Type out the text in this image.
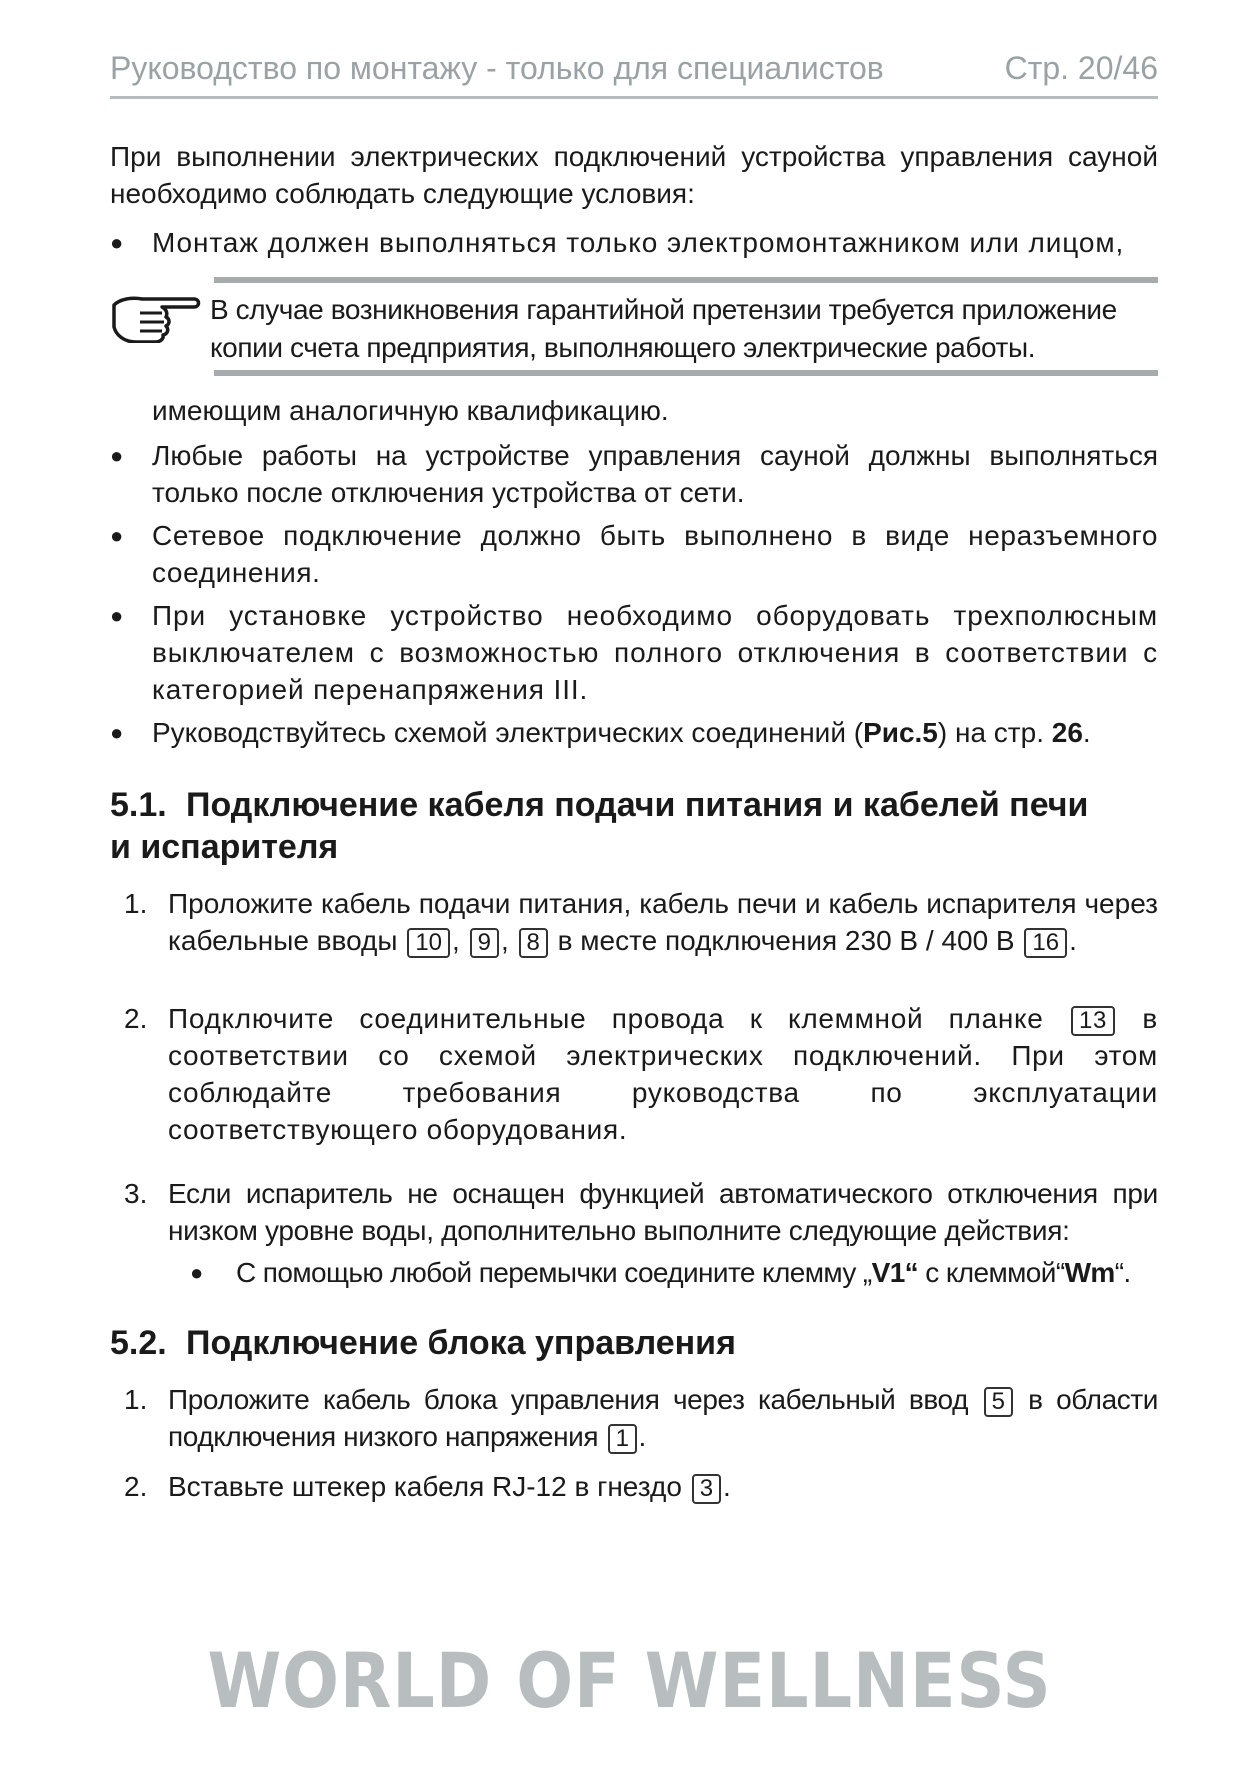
Руководство по монтажу - только для специалистов	Стр. 20/46
При выполнении электрических подключений устройства управления сауной необходимо соблюдать следующие условия:
● Монтаж должен выполняться только электромонтажником или лицом,
В случае возникновения гарантийной претензии требуется приложение копии счета предприятия, выполняющего электрические работы.
имеющим аналогичную квалификацию.
● Любые работы на устройстве управления сауной должны выполняться только после отключения устройства от сети.
● Сетевое подключение должно быть выполнено в виде неразъемного соединения.
● При установке устройство необходимо оборудовать трехполюсным выключателем с возможностью полного отключения в соответствии с категорией перенапряжения III.
● Руководствуйтесь схемой электрических соединений (Рис.5) на стр. 26.
5.1. Подключение кабеля подачи питания и кабелей печи
и испарителя
1. Проложите кабель подачи питания, кабель печи и кабель испарителя через кабельные вводы 10 , 9 , 8 в месте подключения 230 В / 400 В 16 .
2. Подключите соединительные провода к клеммной планке 13 в соответствии со схемой электрических подключений. При этом соблюдайте требования руководства по эксплуатации соответствующего оборудования.
3. Если испаритель не оснащен функцией автоматического отключения при низком уровне воды, дополнительно выполните следующие действия:
● С помощью любой перемычки соедините клемму „V1“ с клеммой“Wm“.
5.2. Подключение блока управления
1. Проложите кабель блока управления через кабельный ввод 5 в области подключения низкого напряжения 1 .
2. Вставьте штекер кабеля RJ-12 в гнездо 3 .
WORLD OF WELLNESS
